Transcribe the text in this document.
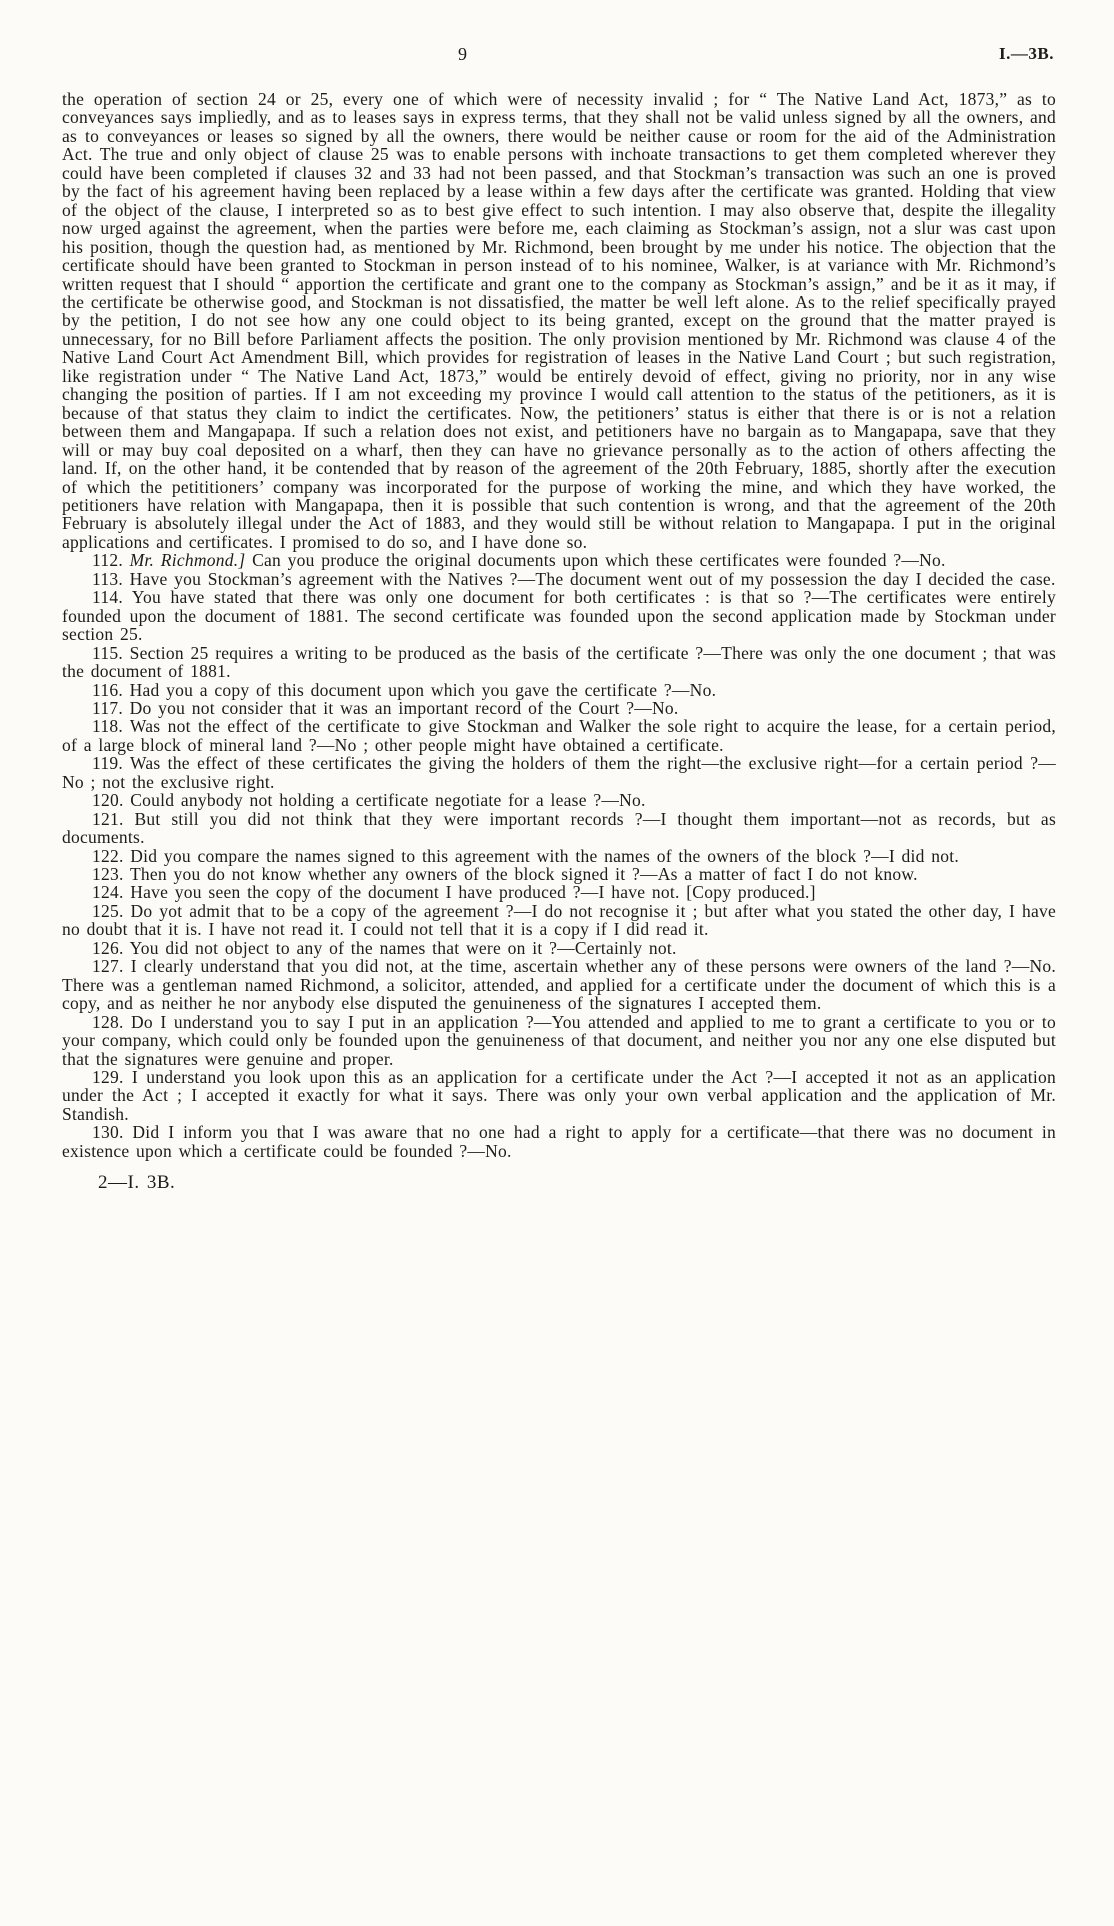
9	I.—3B.

the operation of section 24 or 25, every one of which were of necessity invalid ; for “ The Native Land Act, 1873,” as to conveyances says impliedly, and as to leases says in express terms, that they shall not be valid unless signed by all the owners, and as to conveyances or leases so signed by all the owners, there would be neither cause or room for the aid of the Administration Act. The true and only object of clause 25 was to enable persons with inchoate transactions to get them completed wherever they could have been completed if clauses 32 and 33 had not been passed, and that Stockman’s transaction was such an one is proved by the fact of his agreement having been replaced by a lease within a few days after the certificate was granted. Holding that view of the object of the clause, I interpreted so as to best give effect to such intention. I may also observe that, despite the illegality now urged against the agreement, when the parties were before me, each claiming as Stockman’s assign, not a slur was cast upon his position, though the question had, as mentioned by Mr. Richmond, been brought by me under his notice. The objection that the certificate should have been granted to Stockman in person instead of to his nominee, Walker, is at variance with Mr. Richmond’s written request that I should “ apportion the certificate and grant one to the company as Stockman’s assign,” and be it as it may, if the certificate be otherwise good, and Stockman is not dissatisfied, the matter be well left alone. As to the relief specifically prayed by the petition, I do not see how any one could object to its being granted, except on the ground that the matter prayed is unnecessary, for no Bill before Parliament affects the position. The only provision mentioned by Mr. Richmond was clause 4 of the Native Land Court Act Amendment Bill, which provides for registration of leases in the Native Land Court ; but such registration, like registration under “ The Native Land Act, 1873,” would be entirely devoid of effect, giving no priority, nor in any wise changing the position of parties. If I am not exceeding my province I would call attention to the status of the petitioners, as it is because of that status they claim to indict the certificates. Now, the petitioners’ status is either that there is or is not a relation between them and Mangapapa. If such a relation does not exist, and petitioners have no bargain as to Mangapapa, save that they will or may buy coal deposited on a wharf, then they can have no grievance personally as to the action of others affecting the land. If, on the other hand, it be contended that by reason of the agreement of the 20th February, 1885, shortly after the execution of which the petititioners’ company was incorporated for the purpose of working the mine, and which they have worked, the petitioners have relation with Mangapapa, then it is possible that such contention is wrong, and that the agreement of the 20th February is absolutely illegal under the Act of 1883, and they would still be without relation to Mangapapa. I put in the original applications and certificates. I promised to do so, and I have done so.

112. Mr. Richmond.] Can you produce the original documents upon which these certificates were founded ?—No.

113. Have you Stockman’s agreement with the Natives ?—The document went out of my possession the day I decided the case.

114. You have stated that there was only one document for both certificates : is that so ?—The certificates were entirely founded upon the document of 1881. The second certificate was founded upon the second application made by Stockman under section 25.

115. Section 25 requires a writing to be produced as the basis of the certificate ?—There was only the one document ; that was the document of 1881.

116. Had you a copy of this document upon which you gave the certificate ?—No.

117. Do you not consider that it was an important record of the Court ?—No.

118. Was not the effect of the certificate to give Stockman and Walker the sole right to acquire the lease, for a certain period, of a large block of mineral land ?—No ; other people might have obtained a certificate.

119. Was the effect of these certificates the giving the holders of them the right—the exclusive right—for a certain period ?—No ; not the exclusive right.

120. Could anybody not holding a certificate negotiate for a lease ?—No.

121. But still you did not think that they were important records ?—I thought them important—not as records, but as documents.

122. Did you compare the names signed to this agreement with the names of the owners of the block ?—I did not.

123. Then you do not know whether any owners of the block signed it ?—As a matter of fact I do not know.

124. Have you seen the copy of the document I have produced ?—I have not. [Copy produced.]

125. Do yot admit that to be a copy of the agreement ?—I do not recognise it ; but after what you stated the other day, I have no doubt that it is. I have not read it. I could not tell that it is a copy if I did read it.

126. You did not object to any of the names that were on it ?—Certainly not.

127. I clearly understand that you did not, at the time, ascertain whether any of these persons were owners of the land ?—No. There was a gentleman named Richmond, a solicitor, attended, and applied for a certificate under the document of which this is a copy, and as neither he nor anybody else disputed the genuineness of the signatures I accepted them.

128. Do I understand you to say I put in an application ?—You attended and applied to me to grant a certificate to you or to your company, which could only be founded upon the genuineness of that document, and neither you nor any one else disputed but that the signatures were genuine and proper.

129. I understand you look upon this as an application for a certificate under the Act ?—I accepted it not as an application under the Act ; I accepted it exactly for what it says. There was only your own verbal application and the application of Mr. Standish.

130. Did I inform you that I was aware that no one had a right to apply for a certificate—that there was no document in existence upon which a certificate could be founded ?—No.

2—I. 3B.
